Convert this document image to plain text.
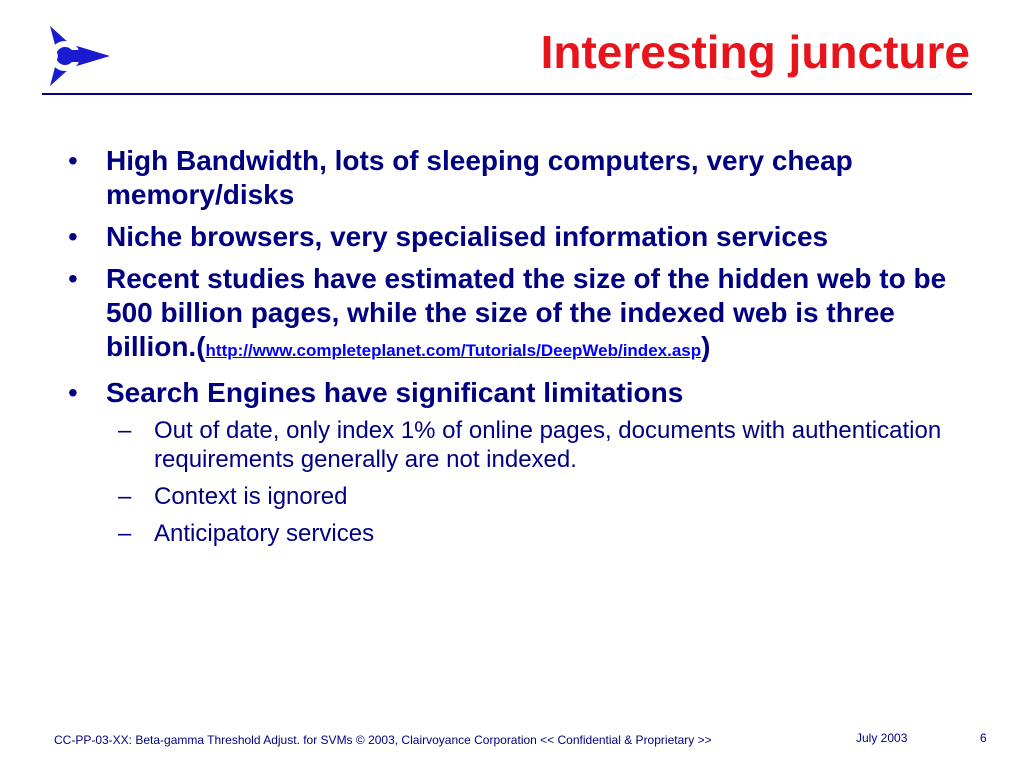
Interesting juncture
• High Bandwidth, lots of sleeping computers, very cheap memory/disks
• Niche browsers, very specialised information services
• Recent studies have estimated the size of the hidden web to be 500 billion pages, while the size of the indexed web is three billion.(http://www.completeplanet.com/Tutorials/DeepWeb/index.asp)
• Search Engines have significant limitations
– Out of date, only index 1% of online pages, documents with authentication requirements generally are not indexed.
– Context is ignored
– Anticipatory services
CC-PP-03-XX: Beta-gamma Threshold Adjust. for SVMs © 2003, Clairvoyance Corporation << Confidential & Proprietary >>	July 2003	6
